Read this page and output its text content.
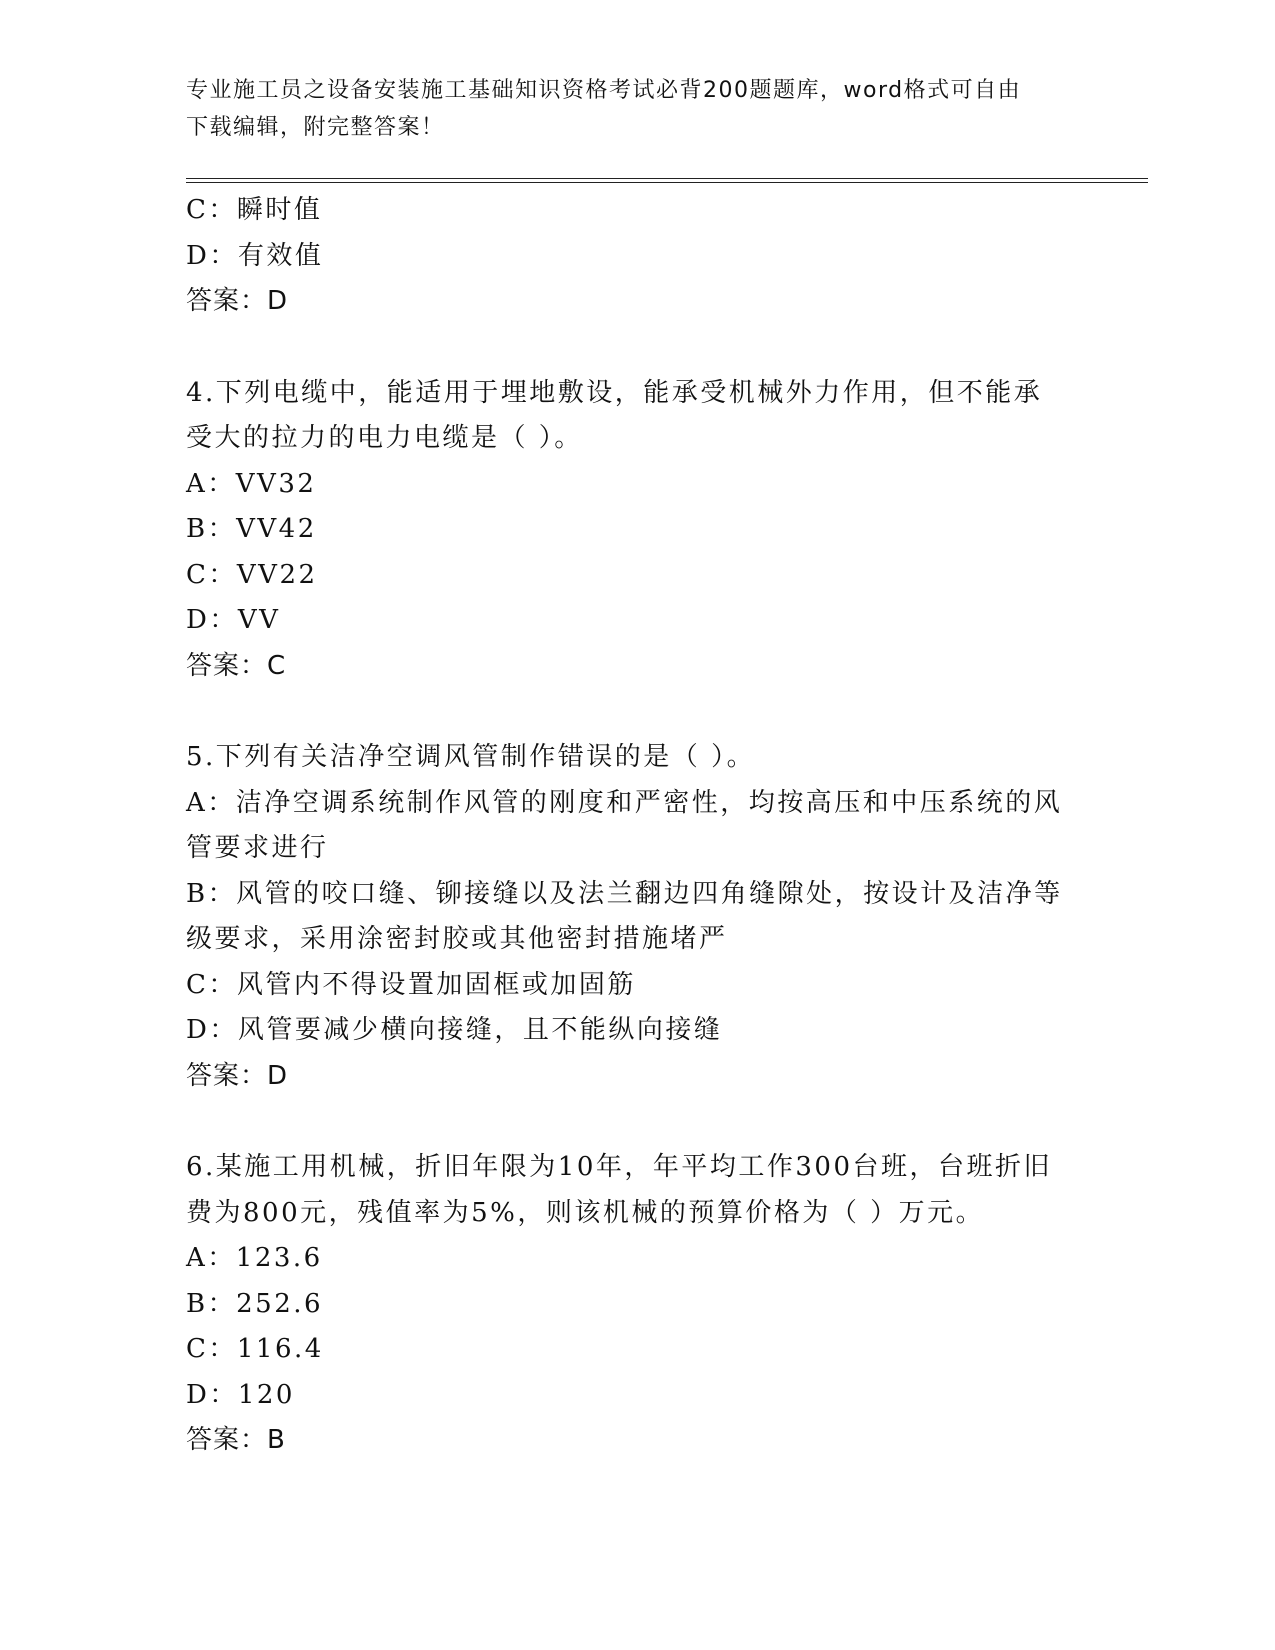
专业施工员之设备安装施工基础知识资格考试必背200题题库，word格式可自由
下载编辑，附完整答案！
C：瞬时值
D：有效值
答案：D
4.下列电缆中，能适用于埋地敷设，能承受机械外力作用，但不能承
受大的拉力的电力电缆是（ ）。
A：VV32
B：VV42
C：VV22
D：VV
答案：C
5.下列有关洁净空调风管制作错误的是（ ）。
A：洁净空调系统制作风管的刚度和严密性，均按高压和中压系统的风
管要求进行
B：风管的咬口缝、铆接缝以及法兰翻边四角缝隙处，按设计及洁净等
级要求，采用涂密封胶或其他密封措施堵严
C：风管内不得设置加固框或加固筋
D：风管要减少横向接缝，且不能纵向接缝
答案：D
6.某施工用机械，折旧年限为10年，年平均工作300台班，台班折旧
费为800元，残值率为5%，则该机械的预算价格为（ ）万元。
A：123.6
B：252.6
C：116.4
D：120
答案：B
